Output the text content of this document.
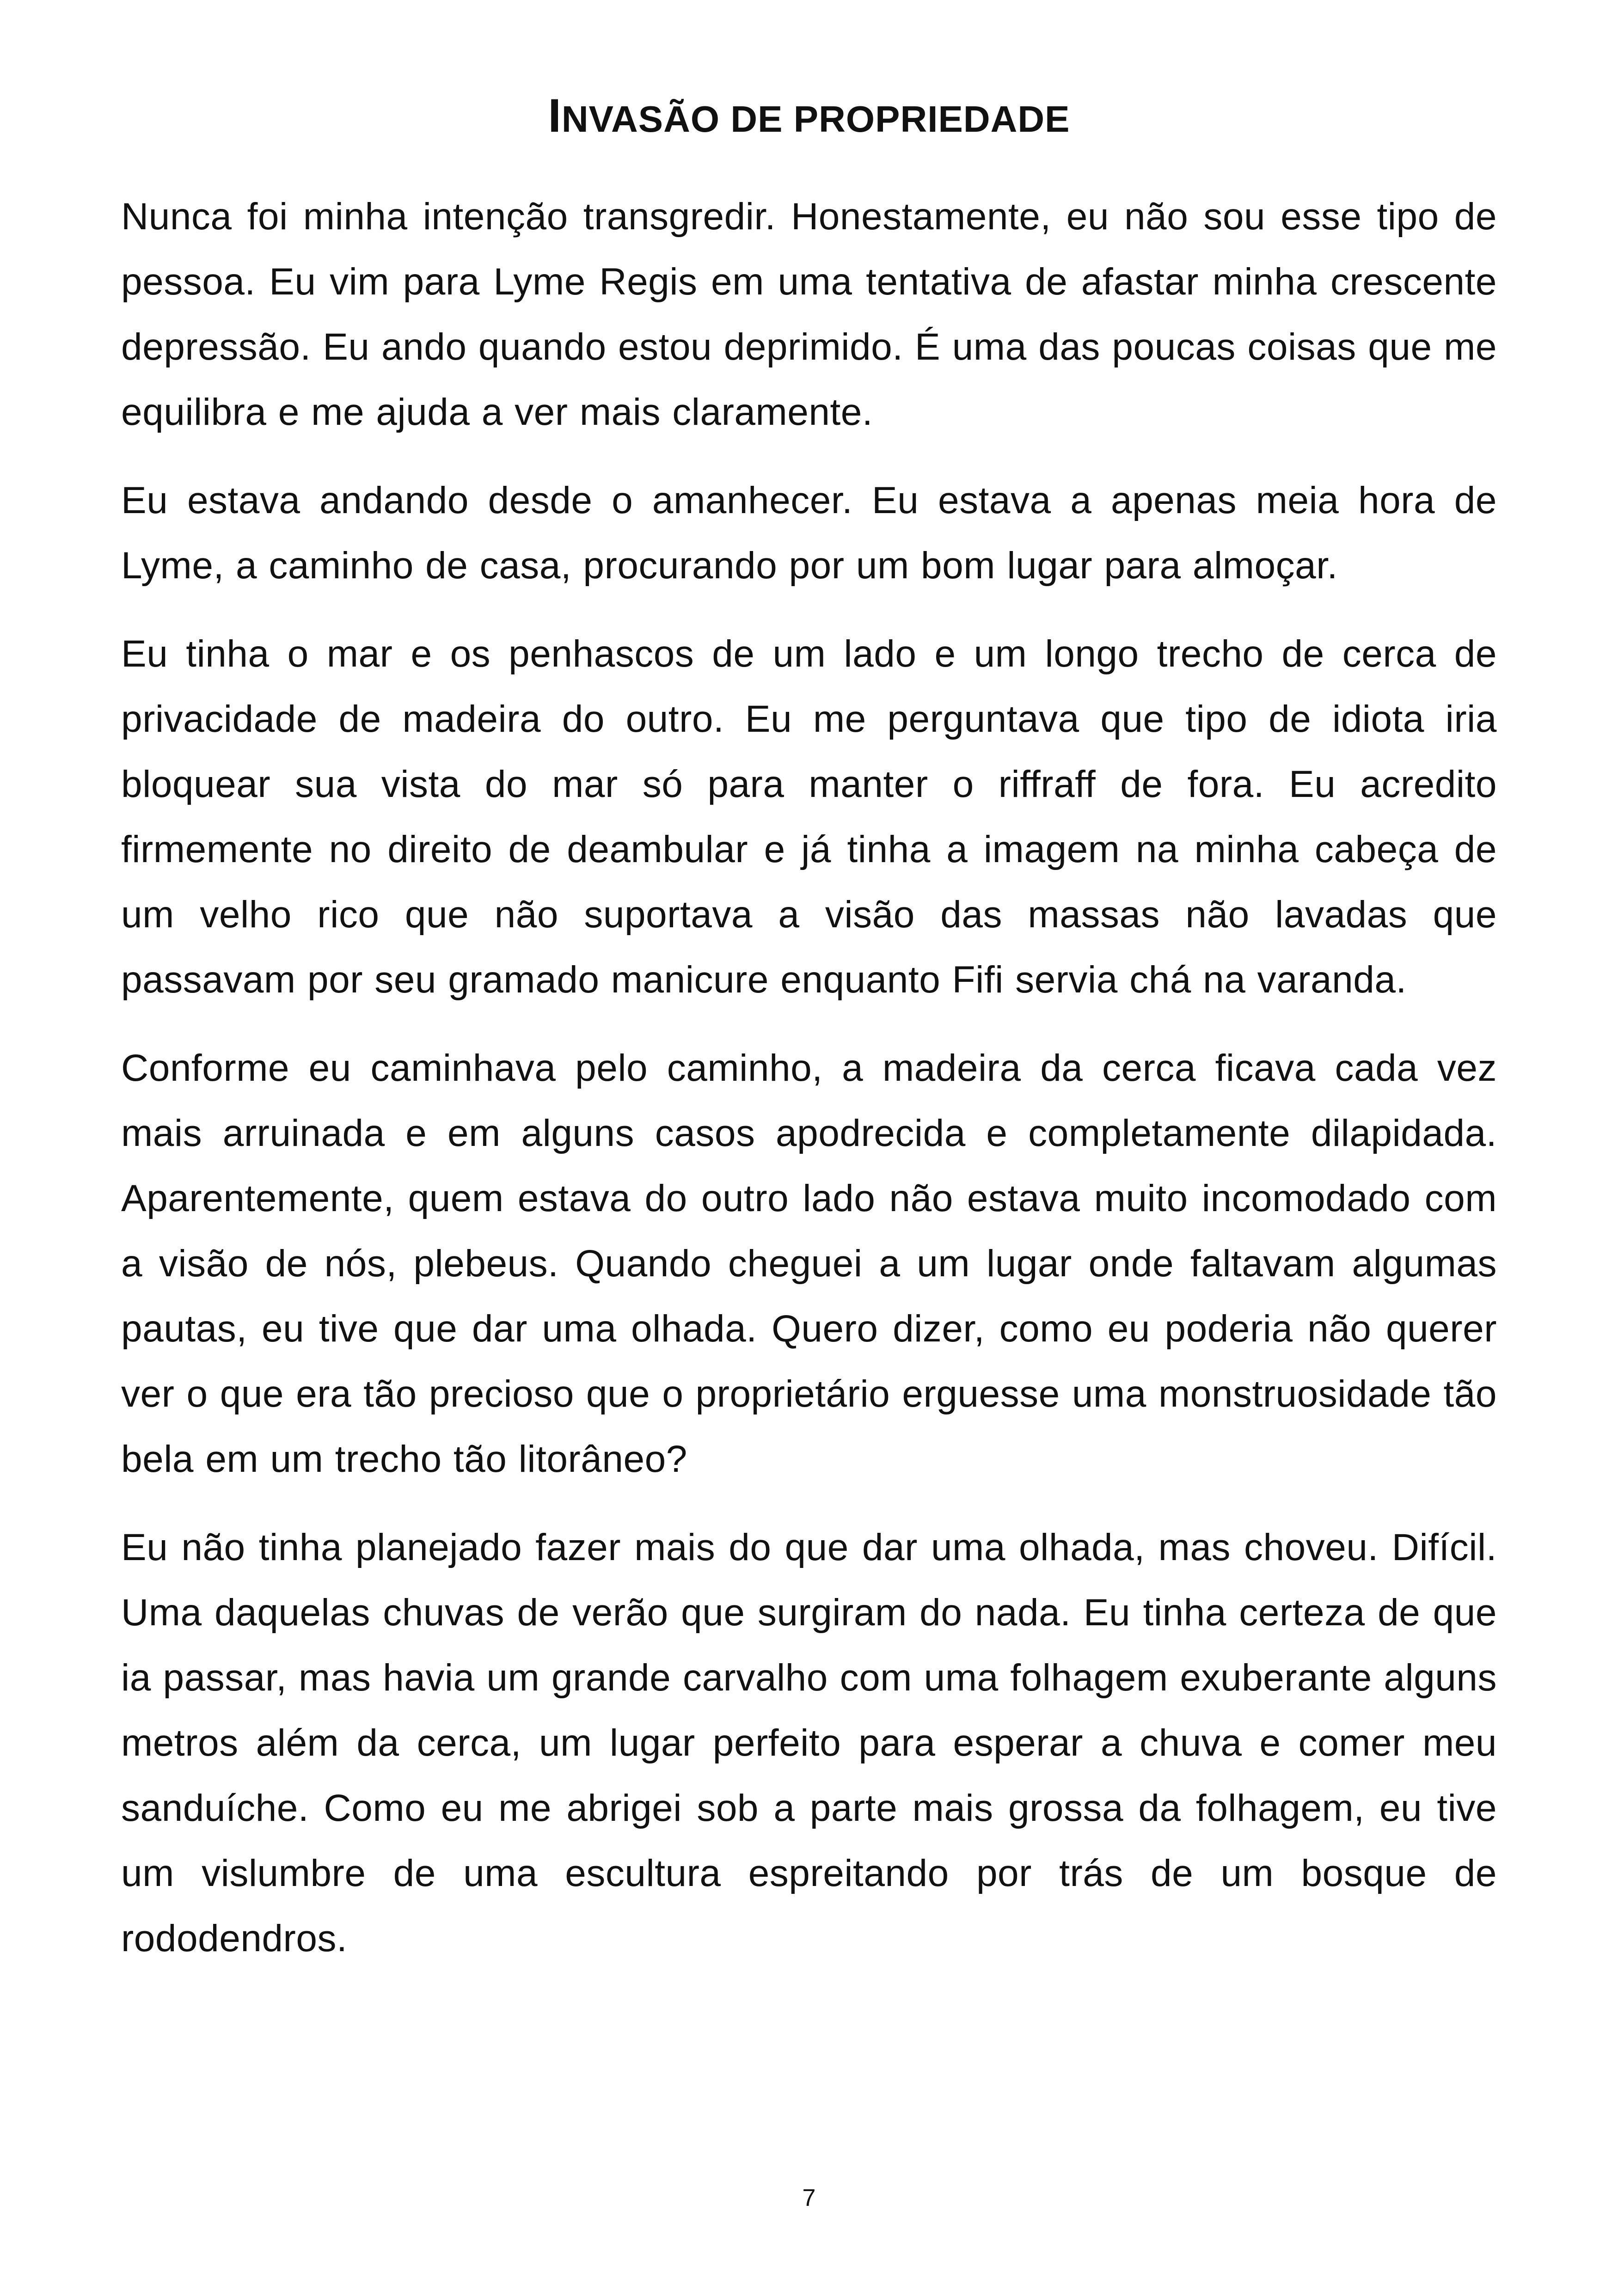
INVASÃO DE PROPRIEDADE

Nunca foi minha intenção transgredir. Honestamente, eu não sou esse tipo de pessoa. Eu vim para Lyme Regis em uma tentativa de afastar minha crescente depressão. Eu ando quando estou deprimido. É uma das poucas coisas que me equilibra e me ajuda a ver mais claramente.

Eu estava andando desde o amanhecer. Eu estava a apenas meia hora de Lyme, a caminho de casa, procurando por um bom lugar para almoçar.

Eu tinha o mar e os penhascos de um lado e um longo trecho de cerca de privacidade de madeira do outro. Eu me perguntava que tipo de idiota iria bloquear sua vista do mar só para manter o riffraff de fora. Eu acredito firmemente no direito de deambular e já tinha a imagem na minha cabeça de um velho rico que não suportava a visão das massas não lavadas que passavam por seu gramado manicure enquanto Fifi servia chá na varanda.

Conforme eu caminhava pelo caminho, a madeira da cerca ficava cada vez mais arruinada e em alguns casos apodrecida e completamente dilapidada. Aparentemente, quem estava do outro lado não estava muito incomodado com a visão de nós, plebeus. Quando cheguei a um lugar onde faltavam algumas pautas, eu tive que dar uma olhada. Quero dizer, como eu poderia não querer ver o que era tão precioso que o proprietário erguesse uma monstruosidade tão bela em um trecho tão litorâneo?

Eu não tinha planejado fazer mais do que dar uma olhada, mas choveu. Difícil. Uma daquelas chuvas de verão que surgiram do nada. Eu tinha certeza de que ia passar, mas havia um grande carvalho com uma folhagem exuberante alguns metros além da cerca, um lugar perfeito para esperar a chuva e comer meu sanduíche. Como eu me abrigei sob a parte mais grossa da folhagem, eu tive um vislumbre de uma escultura espreitando por trás de um bosque de rododendros.

7
